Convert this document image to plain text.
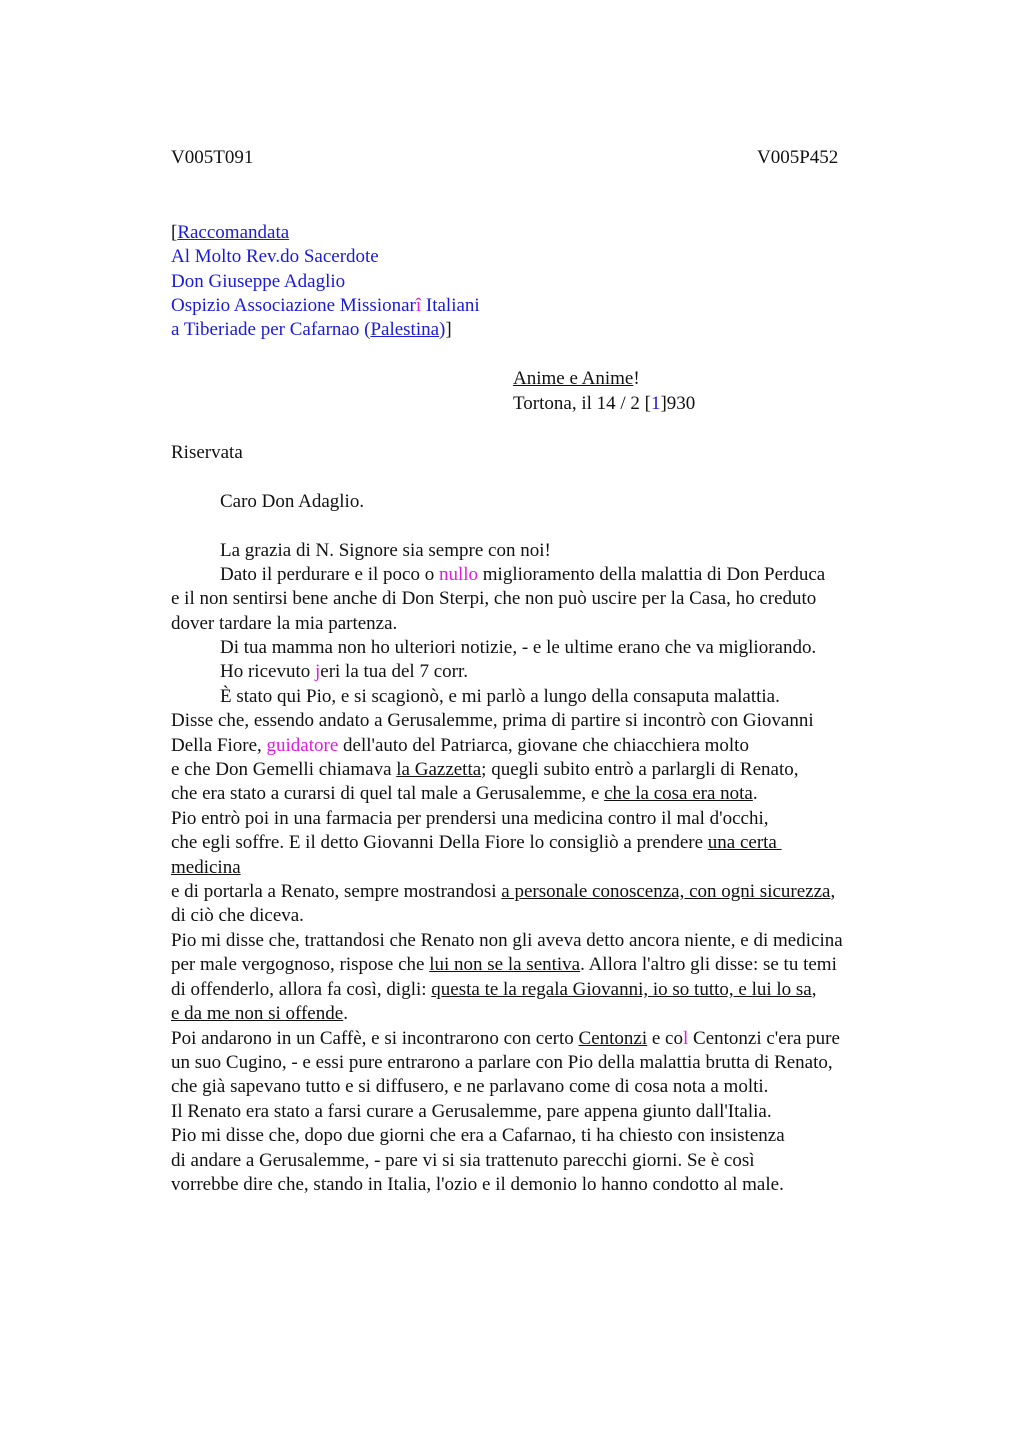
V005T091	V005P452
[Raccomandata
Al Molto Rev.do Sacerdote
Don Giuseppe Adaglio
Ospizio Associazione Missionarî Italiani
a Tiberiade per Cafarnao (Palestina)]
Anime e Anime!
Tortona, il 14 / 2 [1]930
Riservata
Caro Don Adaglio.
La grazia di N. Signore sia sempre con noi!
Dato il perdurare e il poco o nullo miglioramento della malattia di Don Perduca
e il non sentirsi bene anche di Don Sterpi, che non può uscire per la Casa, ho creduto
dover tardare la mia partenza.
Di tua mamma non ho ulteriori notizie, - e le ultime erano che va migliorando.
Ho ricevuto jeri la tua del 7 corr.
È stato qui Pio, e si scagionò, e mi parlò a lungo della consaputa malattia.
Disse che, essendo andato a Gerusalemme, prima di partire si incontrò con Giovanni
Della Fiore, guidatore dell'auto del Patriarca, giovane che chiacchiera molto
e che Don Gemelli chiamava la Gazzetta; quegli subito entrò a parlargli di Renato,
che era stato a curarsi di quel tal male a Gerusalemme, e che la cosa era nota.
Pio entrò poi in una farmacia per prendersi una medicina contro il mal d'occhi,
che egli soffre. E il detto Giovanni Della Fiore lo consigliò a prendere una certa
medicina
e di portarla a Renato, sempre mostrandosi a personale conoscenza, con ogni sicurezza,
di ciò che diceva.
Pio mi disse che, trattandosi che Renato non gli aveva detto ancora niente, e di medicina
per male vergognoso, rispose che lui non se la sentiva. Allora l'altro gli disse: se tu temi
di offenderlo, allora fa così, digli: questa te la regala Giovanni, io so tutto, e lui lo sa,
e da me non si offende.
Poi andarono in un Caffè, e si incontrarono con certo Centonzi e col Centonzi c'era pure
un suo Cugino, - e essi pure entrarono a parlare con Pio della malattia brutta di Renato,
che già sapevano tutto e si diffusero, e ne parlavano come di cosa nota a molti.
Il Renato era stato a farsi curare a Gerusalemme, pare appena giunto dall'Italia.
Pio mi disse che, dopo due giorni che era a Cafarnao, ti ha chiesto con insistenza
di andare a Gerusalemme, - pare vi si sia trattenuto parecchi giorni. Se è così
vorrebbe dire che, stando in Italia, l'ozio e il demonio lo hanno condotto al male.
